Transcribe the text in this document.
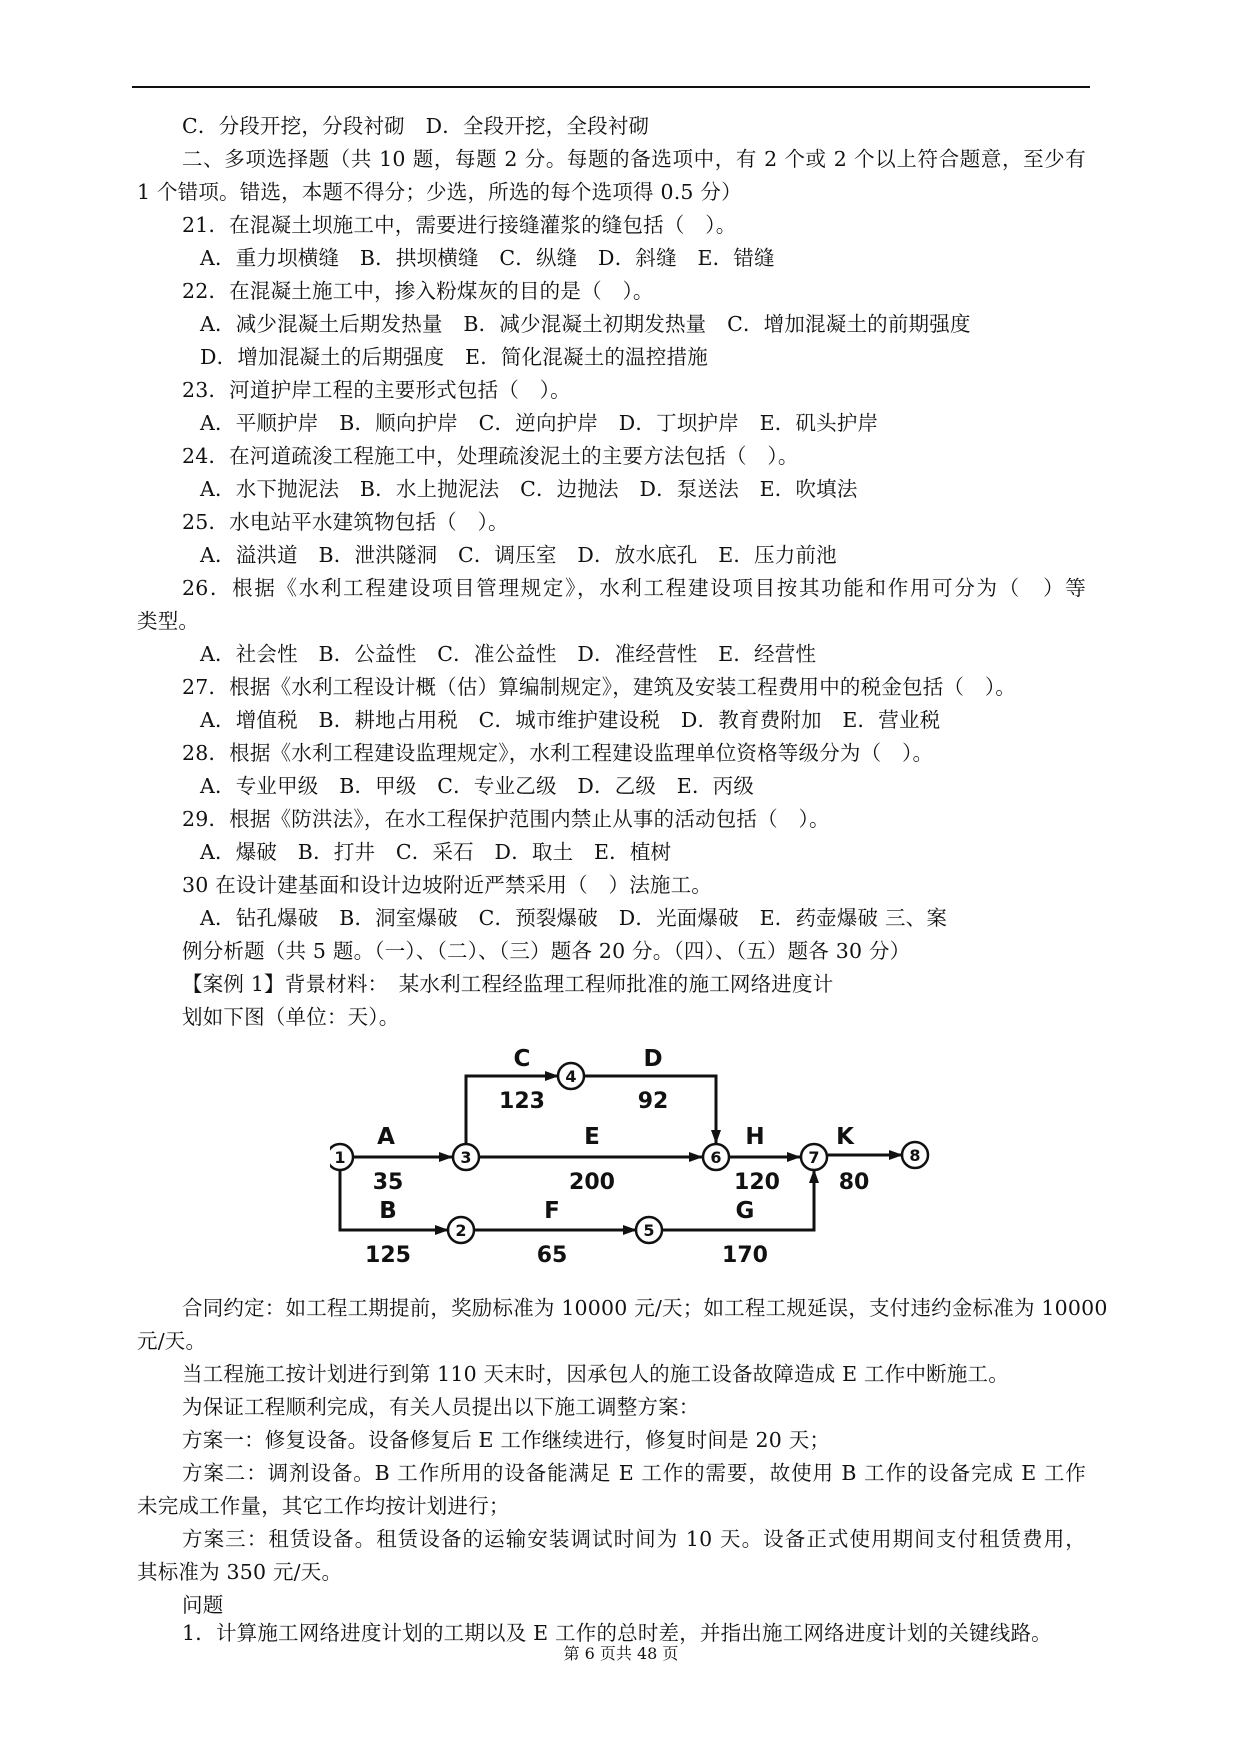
C．分段开挖，分段衬砌　D．全段开挖，全段衬砌
二、多项选择题（共 10 题，每题 2 分。每题的备选项中，有 2 个或 2 个以上符合题意，至少有
1 个错项。错选，本题不得分；少选，所选的每个选项得 0.5 分）
21．在混凝土坝施工中，需要进行接缝灌浆的缝包括（　）。
A．重力坝横缝　B．拱坝横缝　C．纵缝　D．斜缝　E．错缝
22．在混凝土施工中，掺入粉煤灰的目的是（　）。
A．减少混凝土后期发热量　B．减少混凝土初期发热量　C．增加混凝土的前期强度
D．增加混凝土的后期强度　E．简化混凝土的温控措施
23．河道护岸工程的主要形式包括（　）。
A．平顺护岸　B．顺向护岸　C．逆向护岸　D．丁坝护岸　E．矶头护岸
24．在河道疏浚工程施工中，处理疏浚泥土的主要方法包括（　）。
A．水下抛泥法　B．水上抛泥法　C．边抛法　D．泵送法　E．吹填法
25．水电站平水建筑物包括（　）。
A．溢洪道　B．泄洪隧洞　C．调压室　D．放水底孔　E．压力前池
26．根据《水利工程建设项目管理规定》，水利工程建设项目按其功能和作用可分为（　）等
类型。
A．社会性　B．公益性　C．准公益性　D．准经营性　E．经营性
27．根据《水利工程设计概（估）算编制规定》，建筑及安装工程费用中的税金包括（　）。
A．增值税　B．耕地占用税　C．城市维护建设税　D．教育费附加　E．营业税
28．根据《水利工程建设监理规定》，水利工程建设监理单位资格等级分为（　）。
A．专业甲级　B．甲级　C．专业乙级　D．乙级　E．丙级
29．根据《防洪法》，在水工程保护范围内禁止从事的活动包括（　）。
A．爆破　B．打井　C．采石　D．取土　E．植树
30 在设计建基面和设计边坡附近严禁采用（　）法施工。
A．钻孔爆破　B．洞室爆破　C．预裂爆破　D．光面爆破　E．药壶爆破 三、案
例分析题（共 5 题。（一）、（二）、（三）题各 20 分。（四）、（五）题各 30 分）
【案例 1】背景材料：　某水利工程经监理工程师批准的施工网络进度计
划如下图（单位：天）。
合同约定：如工程工期提前，奖励标准为 10000 元/天；如工程工规延误，支付违约金标准为 10000
元/天。
当工程施工按计划进行到第 110 天末时，因承包人的施工设备故障造成 E 工作中断施工。
为保证工程顺利完成，有关人员提出以下施工调整方案：
方案一：修复设备。设备修复后 E 工作继续进行，修复时间是 20 天；
方案二：调剂设备。B 工作所用的设备能满足 E 工作的需要，故使用 B 工作的设备完成 E 工作
未完成工作量，其它工作均按计划进行；
方案三：租赁设备。租赁设备的运输安装调试时间为 10 天。设备正式使用期间支付租赁费用，
其标准为 350 元/天。
问题
1．计算施工网络进度计划的工期以及 E 工作的总时差，并指出施工网络进度计划的关键线路。
1
2
3
4
5
6	7	8
A
B
C	D
E
F	G
H	K
35
125
123	92
200
65	170
120	80
第 6 页共 48 页
